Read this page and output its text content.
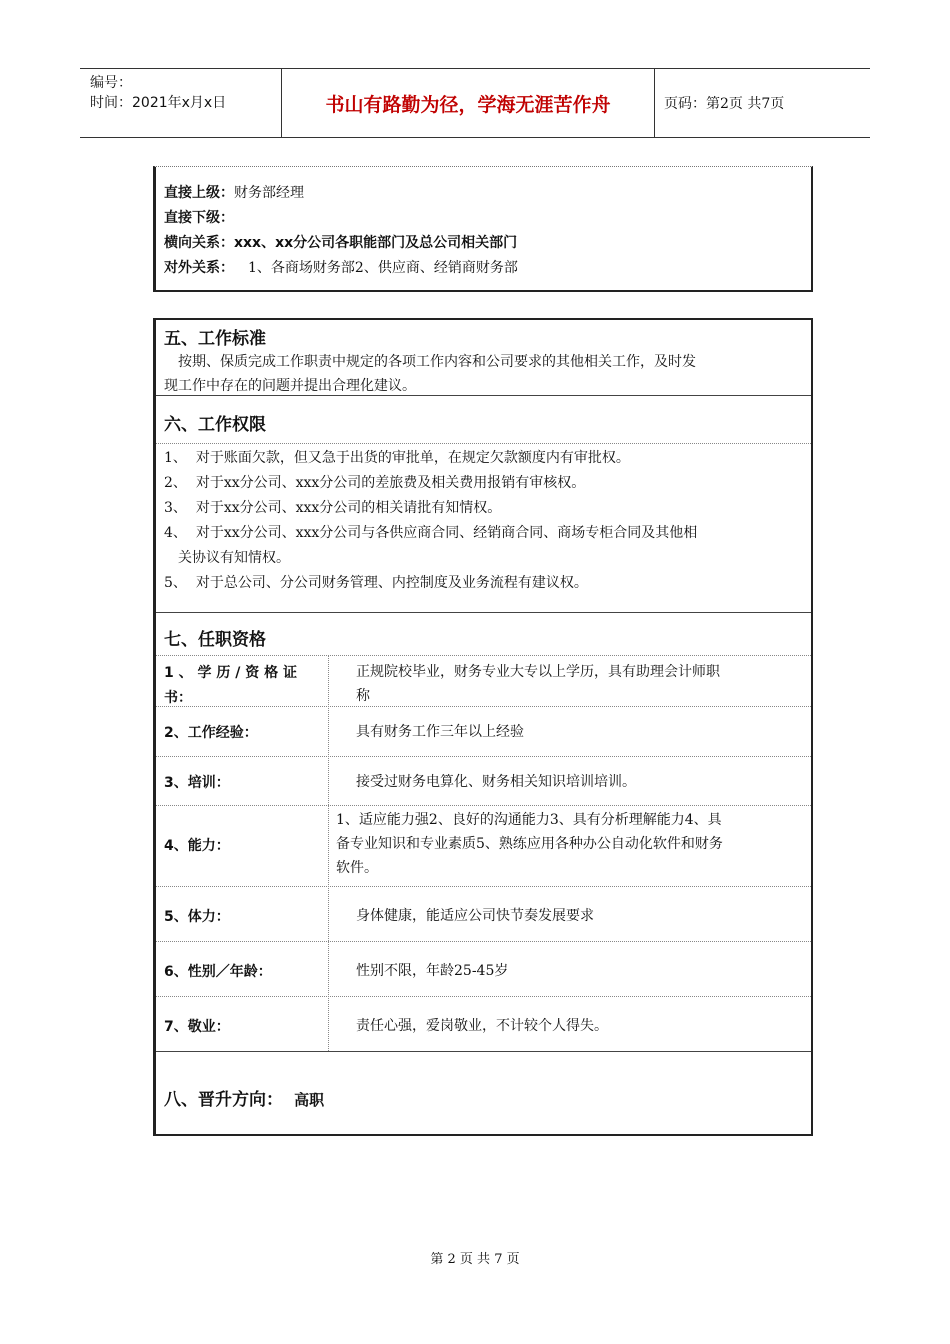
编号：
时间：2021年x月x日	书山有路勤为径，学海无涯苦作舟	页码：第2页 共7页
直接上级：财务部经理
直接下级：
横向关系：xxx、xx分公司各职能部门及总公司相关部门
对外关系： 1、各商场财务部2、供应商、经销商财务部
五、工作标准
按期、保质完成工作职责中规定的各项工作内容和公司要求的其他相关工作，及时发
现工作中存在的问题并提出合理化建议。
六、工作权限
1、 对于账面欠款，但又急于出货的审批单，在规定欠款额度内有审批权。
2、 对于xx分公司、xxx分公司的差旅费及相关费用报销有审核权。
3、 对于xx分公司、xxx分公司的相关请批有知情权。
4、 对于xx分公司、xxx分公司与各供应商合同、经销商合同、商场专柜合同及其他相
关协议有知情权。
5、 对于总公司、分公司财务管理、内控制度及业务流程有建议权。
七、任职资格
1 、 学 历 / 资 格 证
书：
正规院校毕业，财务专业大专以上学历，具有助理会计师职
称
2、工作经验：	具有财务工作三年以上经验
3、培训：	接受过财务电算化、财务相关知识培训培训。
4、能力：
1、适应能力强2、良好的沟通能力3、具有分析理解能力4、具
备专业知识和专业素质5、熟练应用各种办公自动化软件和财务
软件。
5、体力：	身体健康，能适应公司快节奏发展要求
6、性别／年龄：	性别不限，年龄25-45岁
7、敬业：	责任心强，爱岗敬业，不计较个人得失。
八、晋升方向： 高职
第 2 页 共 7 页
